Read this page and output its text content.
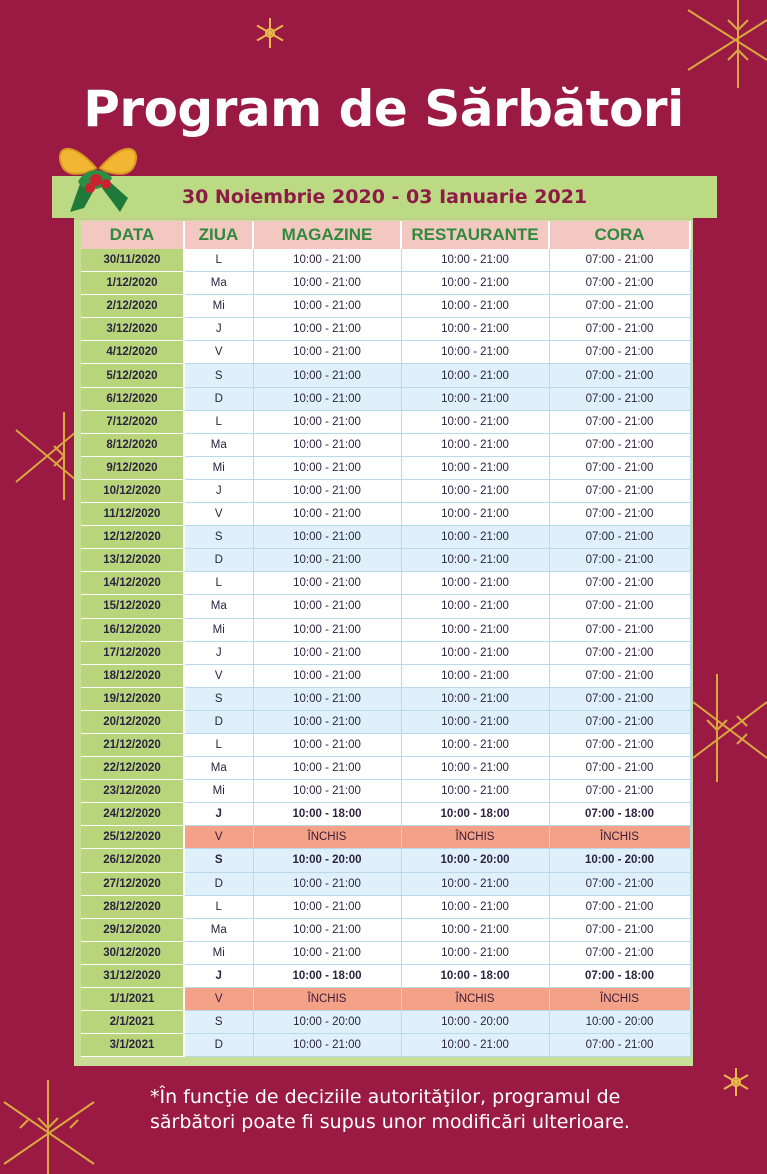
Program de Sărbători
30 Noiembrie 2020 - 03 Ianuarie 2021
DATA	ZIUA	MAGAZINE	RESTAURANTE	CORA
30/11/2020	L	10:00 - 21:00	10:00 - 21:00	07:00 - 21:00
1/12/2020	Ma	10:00 - 21:00	10:00 - 21:00	07:00 - 21:00
2/12/2020	Mi	10:00 - 21:00	10:00 - 21:00	07:00 - 21:00
3/12/2020	J	10:00 - 21:00	10:00 - 21:00	07:00 - 21:00
4/12/2020	V	10:00 - 21:00	10:00 - 21:00	07:00 - 21:00
5/12/2020	S	10:00 - 21:00	10:00 - 21:00	07:00 - 21:00
6/12/2020	D	10:00 - 21:00	10:00 - 21:00	07:00 - 21:00
7/12/2020	L	10:00 - 21:00	10:00 - 21:00	07:00 - 21:00
8/12/2020	Ma	10:00 - 21:00	10:00 - 21:00	07:00 - 21:00
9/12/2020	Mi	10:00 - 21:00	10:00 - 21:00	07:00 - 21:00
10/12/2020	J	10:00 - 21:00	10:00 - 21:00	07:00 - 21:00
11/12/2020	V	10:00 - 21:00	10:00 - 21:00	07:00 - 21:00
12/12/2020	S	10:00 - 21:00	10:00 - 21:00	07:00 - 21:00
13/12/2020	D	10:00 - 21:00	10:00 - 21:00	07:00 - 21:00
14/12/2020	L	10:00 - 21:00	10:00 - 21:00	07:00 - 21:00
15/12/2020	Ma	10:00 - 21:00	10:00 - 21:00	07:00 - 21:00
16/12/2020	Mi	10:00 - 21:00	10:00 - 21:00	07:00 - 21:00
17/12/2020	J	10:00 - 21:00	10:00 - 21:00	07:00 - 21:00
18/12/2020	V	10:00 - 21:00	10:00 - 21:00	07:00 - 21:00
19/12/2020	S	10:00 - 21:00	10:00 - 21:00	07:00 - 21:00
20/12/2020	D	10:00 - 21:00	10:00 - 21:00	07:00 - 21:00
21/12/2020	L	10:00 - 21:00	10:00 - 21:00	07:00 - 21:00
22/12/2020	Ma	10:00 - 21:00	10:00 - 21:00	07:00 - 21:00
23/12/2020	Mi	10:00 - 21:00	10:00 - 21:00	07:00 - 21:00
24/12/2020	J	10:00 - 18:00	10:00 - 18:00	07:00 - 18:00
25/12/2020	V	ÎNCHIS	ÎNCHIS	ÎNCHIS
26/12/2020	S	10:00 - 20:00	10:00 - 20:00	10:00 - 20:00
27/12/2020	D	10:00 - 21:00	10:00 - 21:00	07:00 - 21:00
28/12/2020	L	10:00 - 21:00	10:00 - 21:00	07:00 - 21:00
29/12/2020	Ma	10:00 - 21:00	10:00 - 21:00	07:00 - 21:00
30/12/2020	Mi	10:00 - 21:00	10:00 - 21:00	07:00 - 21:00
31/12/2020	J	10:00 - 18:00	10:00 - 18:00	07:00 - 18:00
1/1/2021	V	ÎNCHIS	ÎNCHIS	ÎNCHIS
2/1/2021	S	10:00 - 20:00	10:00 - 20:00	10:00 - 20:00
3/1/2021	D	10:00 - 21:00	10:00 - 21:00	07:00 - 21:00
*În funcţie de deciziile autorităţilor, programul de
sărbători poate fi supus unor modificări ulterioare.
